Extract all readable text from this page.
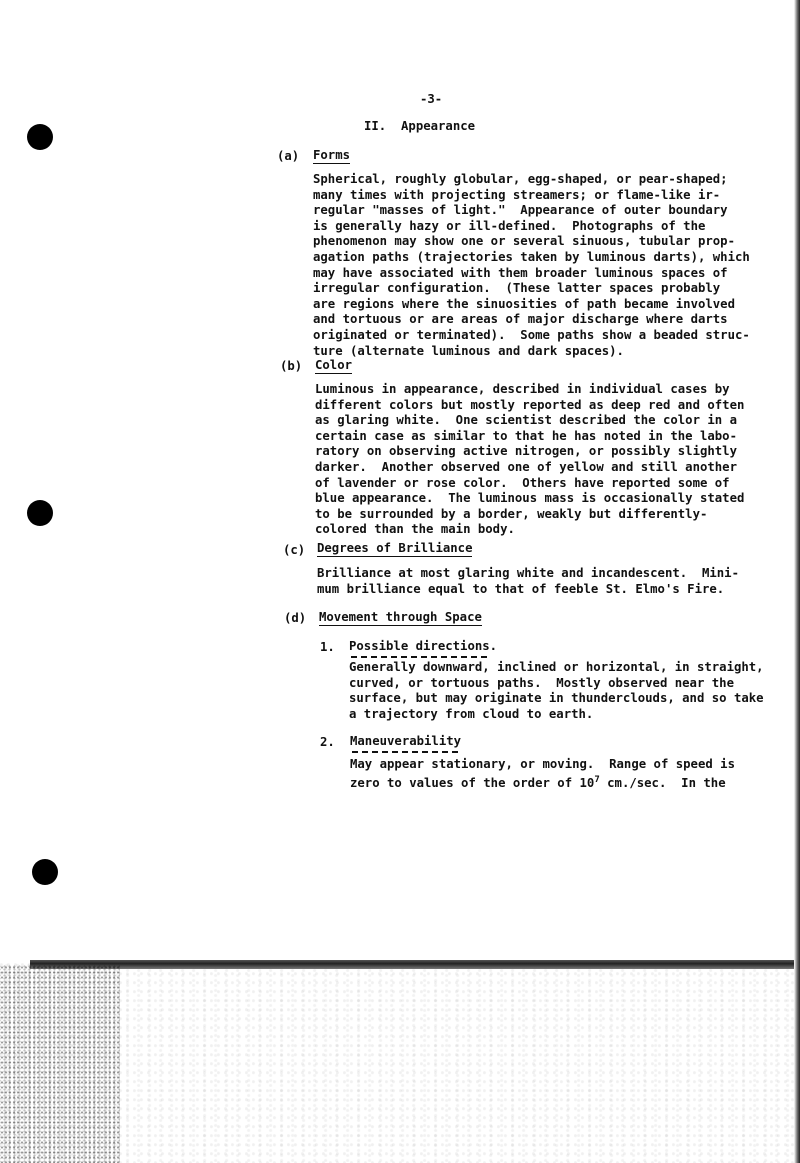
-3-
II.  Appearance
(a) Forms
Spherical, roughly globular, egg-shaped, or pear-shaped;
many times with projecting streamers; or flame-like ir-
regular "masses of light."  Appearance of outer boundary
is generally hazy or ill-defined.  Photographs of the
phenomenon may show one or several sinuous, tubular prop-
agation paths (trajectories taken by luminous darts), which
may have associated with them broader luminous spaces of
irregular configuration.  (These latter spaces probably
are regions where the sinuosities of path became involved
and tortuous or are areas of major discharge where darts
originated or terminated).  Some paths show a beaded struc-
ture (alternate luminous and dark spaces).
(b) Color
Luminous in appearance, described in individual cases by
different colors but mostly reported as deep red and often
as glaring white.  One scientist described the color in a
certain case as similar to that he has noted in the labo-
ratory on observing active nitrogen, or possibly slightly
darker.  Another observed one of yellow and still another
of lavender or rose color.  Others have reported some of
blue appearance.  The luminous mass is occasionally stated
to be surrounded by a border, weakly but differently-
colored than the main body.
(c) Degrees of Brilliance
Brilliance at most glaring white and incandescent.  Mini-
mum brilliance equal to that of feeble St. Elmo's Fire.
(d) Movement through Space
1. Possible directions.
Generally downward, inclined or horizontal, in straight,
curved, or tortuous paths.  Mostly observed near the
surface, but may originate in thunderclouds, and so take
a trajectory from cloud to earth.
2. Maneuverability
May appear stationary, or moving.  Range of speed is
zero to values of the order of $10^7$ cm./sec.  In the
